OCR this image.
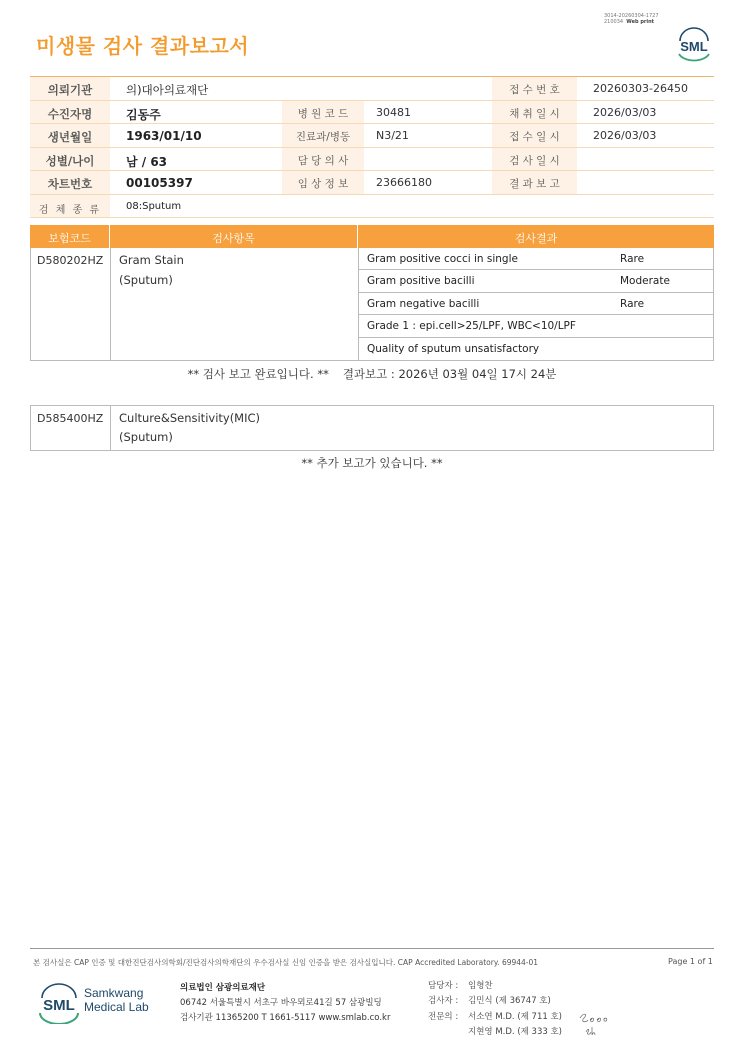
3014-20260304-1727
210034 Web print
미생물 검사 결과보고서	SML
의뢰기관	의)대아의료재단	접 수 번 호	20260303-26450
수진자명	김동주	병 원 코 드	30481	채 취 일 시	2026/03/03
생년월일	1963/01/10	진료과/병동	N3/21	접 수 일 시	2026/03/03
성별/나이	남 / 63	담 당 의 사	검 사 일 시
차트번호	00105397	임 상 정 보	23666180	결 과 보 고
검 체 종 류	08:Sputum
보험코드	검사항목	검사결과
D580202HZ Gram Stain
(Sputum)
Gram positive cocci in single	Rare
Gram positive bacilli	Moderate
Gram negative bacilli	Rare
Grade 1 : epi.cell>25/LPF, WBC<10/LPF
Quality of sputum unsatisfactory
** 검사 보고 완료입니다. ** 결과보고 : 2026년 03월 04일 17시 24분
D585400HZ Culture&Sensitivity(MIC)
(Sputum)
** 추가 보고가 있습니다. **
본 검사실은 CAP 인증 및 대한진단검사의학회/진단검사의학재단의 우수검사실 신임 인증을 받은 검사실입니다. CAP Accredited Laboratory. 69944-01	Page 1 of 1
SML
Samkwang
Medical Lab
의료법인 삼광의료재단
06742 서울특별시 서초구 바우뫼로41길 57 삼광빌딩
검사기관 11365200 T 1661-5117 www.smlab.co.kr
담당자 : 임형찬
검사자 : 김민식 (제 36747 호)
전문의 : 서소연 M.D. (제 711 호)
지현영 M.D. (제 333 호)
